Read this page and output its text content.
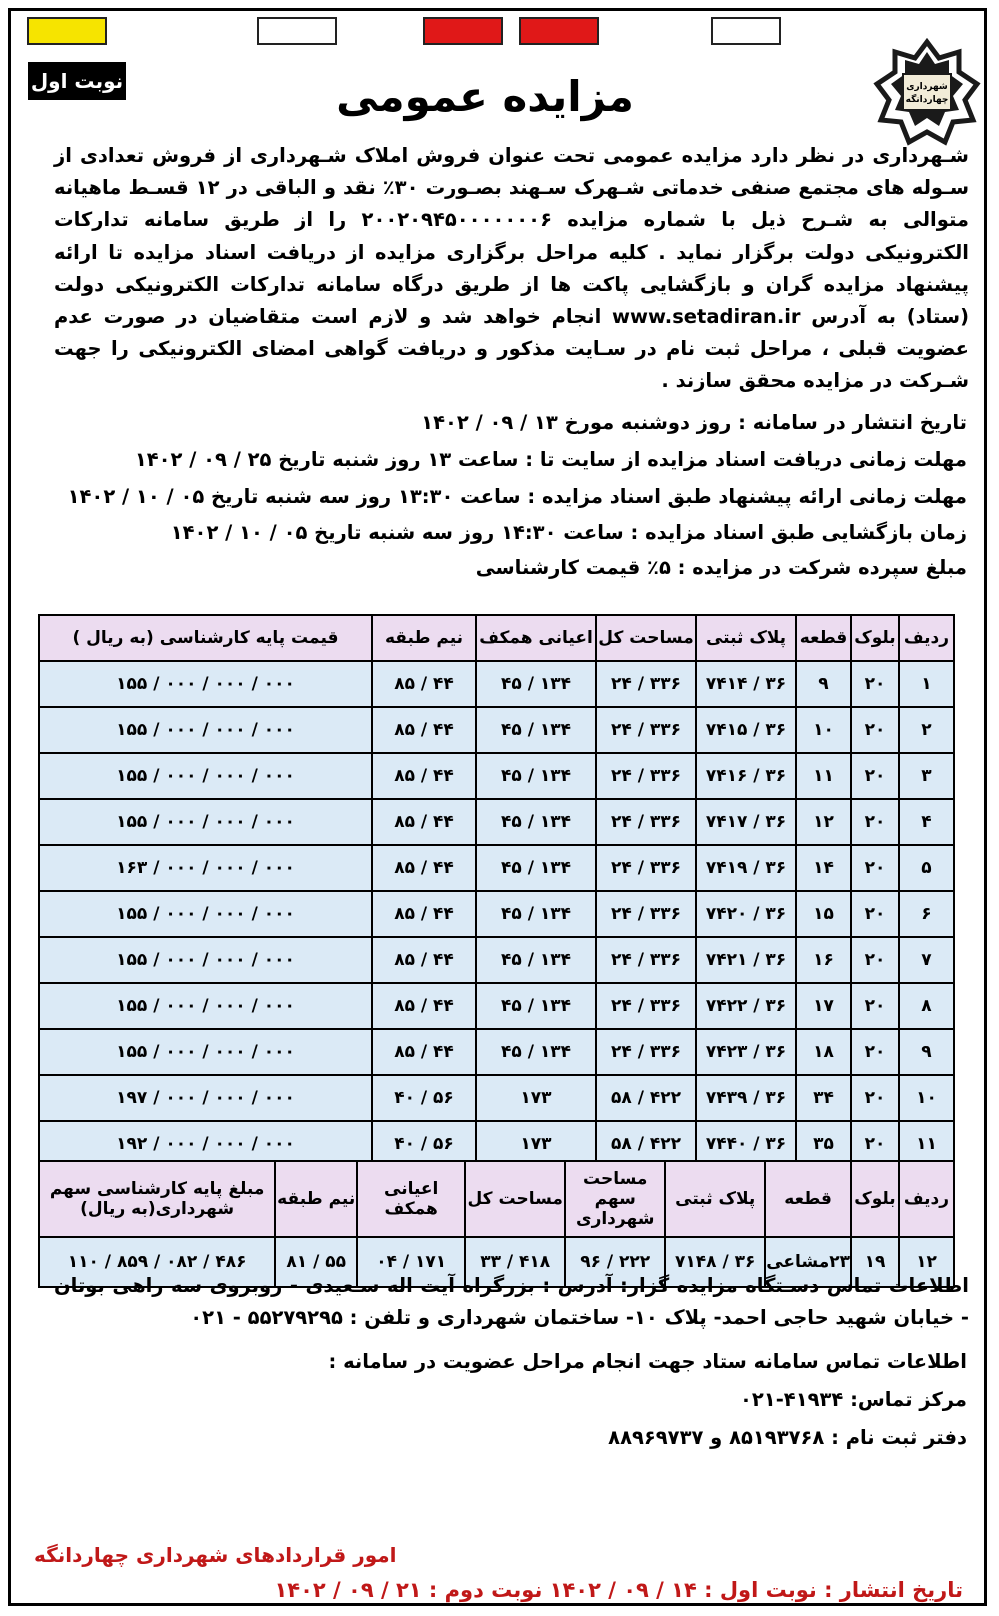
نوبت اول	شهرداری
چهاردانگه
مزایده عمومی
شـهرداری در نظر دارد مزایده عمومی تحت عنوان فروش املاک شـهرداری از فروش تعدادی از سـوله های مجتمع صنفی خدماتی شـهرک سـهند بصـورت ۳۰٪ نقد و الباقی در ۱۲ قسـط ماهیانه متوالی به شـرح ذیل با شماره مزایده ۲۰۰۲۰۹۴۵۰۰۰۰۰۰۰۶ را از طریق سامانه تدارکات الکترونیکی دولت برگزار نماید . کلیه مراحل برگزاری مزایده از دریافت اسناد مزایده تا ارائه پیشنهاد مزایده گران و بازگشایی پاکت ها از طریق درگاه سامانه تدارکات الکترونیکی دولت (ستاد) به آدرس www.setadiran.ir انجام خواهد شد و لازم است متقاضیان در صورت عدم عضویت قبلی ، مراحل ثبت نام در سـایت مذکور و دریافت گواهی امضای الکترونیکی را جهت شـرکت در مزایده محقق سازند .
تاریخ انتشار در سامانه : روز دوشنبه مورخ ۱۳ / ۰۹ / ۱۴۰۲
مهلت زمانی دریافت اسناد مزایده از سایت تا : ساعت ۱۳ روز شنبه تاریخ ۲۵ / ۰۹ / ۱۴۰۲
مهلت زمانی ارائه پیشنهاد طبق اسناد مزایده : ساعت ۱۳:۳۰ روز سه شنبه تاریخ ۰۵ / ۱۰ / ۱۴۰۲
زمان بازگشایی طبق اسناد مزایده : ساعت ۱۴:۳۰ روز سه شنبه تاریخ ۰۵ / ۱۰ / ۱۴۰۲
مبلغ سپرده شرکت در مزایده : ۵٪ قیمت کارشناسی
ردیف	بلوک	قطعه	پلاک ثبتی	مساحت کل	اعیانی همکف	نیم طبقه	قیمت پایه کارشناسی (به ریال )
۱	۲۰	۹	۳۶ / ۷۴۱۴	۳۳۶ / ۲۴	۱۳۴ / ۴۵	۴۴ / ۸۵	۰۰۰ / ۰۰۰ / ۰۰۰ / ۱۵۵
۲	۲۰	۱۰	۳۶ / ۷۴۱۵	۳۳۶ / ۲۴	۱۳۴ / ۴۵	۴۴ / ۸۵	۰۰۰ / ۰۰۰ / ۰۰۰ / ۱۵۵
۳	۲۰	۱۱	۳۶ / ۷۴۱۶	۳۳۶ / ۲۴	۱۳۴ / ۴۵	۴۴ / ۸۵	۰۰۰ / ۰۰۰ / ۰۰۰ / ۱۵۵
۴	۲۰	۱۲	۳۶ / ۷۴۱۷	۳۳۶ / ۲۴	۱۳۴ / ۴۵	۴۴ / ۸۵	۰۰۰ / ۰۰۰ / ۰۰۰ / ۱۵۵
۵	۲۰	۱۴	۳۶ / ۷۴۱۹	۳۳۶ / ۲۴	۱۳۴ / ۴۵	۴۴ / ۸۵	۰۰۰ / ۰۰۰ / ۰۰۰ / ۱۶۳
۶	۲۰	۱۵	۳۶ / ۷۴۲۰	۳۳۶ / ۲۴	۱۳۴ / ۴۵	۴۴ / ۸۵	۰۰۰ / ۰۰۰ / ۰۰۰ / ۱۵۵
۷	۲۰	۱۶	۳۶ / ۷۴۲۱	۳۳۶ / ۲۴	۱۳۴ / ۴۵	۴۴ / ۸۵	۰۰۰ / ۰۰۰ / ۰۰۰ / ۱۵۵
۸	۲۰	۱۷	۳۶ / ۷۴۲۲	۳۳۶ / ۲۴	۱۳۴ / ۴۵	۴۴ / ۸۵	۰۰۰ / ۰۰۰ / ۰۰۰ / ۱۵۵
۹	۲۰	۱۸	۳۶ / ۷۴۲۳	۳۳۶ / ۲۴	۱۳۴ / ۴۵	۴۴ / ۸۵	۰۰۰ / ۰۰۰ / ۰۰۰ / ۱۵۵
۱۰	۲۰	۳۴	۳۶ / ۷۴۳۹	۴۲۲ / ۵۸	۱۷۳	۵۶ / ۴۰	۰۰۰ / ۰۰۰ / ۰۰۰ / ۱۹۷
۱۱	۲۰	۳۵	۳۶ / ۷۴۴۰	۴۲۲ / ۵۸	۱۷۳	۵۶ / ۴۰	۰۰۰ / ۰۰۰ / ۰۰۰ / ۱۹۲
ردیف	بلوک	قطعه	پلاک ثبتی	مساحت سهم شهرداری	مساحت کل	اعیانی همکف	نیم طبقه	مبلغ پایه کارشناسی سهم شهرداری(به ریال)
۱۲	۱۹	۲۳مشاعی	۳۶ / ۷۱۴۸	۲۲۲ / ۹۶	۴۱۸ / ۳۳	۱۷۱ / ۰۴	۵۵ / ۸۱	۴۸۶ / ۰۸۲ / ۸۵۹ / ۱۱۰
اطلاعات تماس دسـتگاه مزایده گزار: آدرس : بزرگراه آیت اله سـعیدی - روبروی سه راهی بوتان - خیابان شهید حاجی احمد- پلاک ۱۰- ساختمان شهرداری و تلفن : ۵۵۲۷۹۲۹۵ - ۰۲۱
اطلاعات تماس سامانه ستاد جهت انجام مراحل عضویت در سامانه :
مرکز تماس: ۴۱۹۳۴-۰۲۱
دفتر ثبت نام : ۸۵۱۹۳۷۶۸ و ۸۸۹۶۹۷۳۷
امور قراردادهای شهرداری چهاردانگه
تاریخ انتشار : نوبت اول : ۱۴ / ۰۹ / ۱۴۰۲ نوبت دوم : ۲۱ / ۰۹ / ۱۴۰۲
